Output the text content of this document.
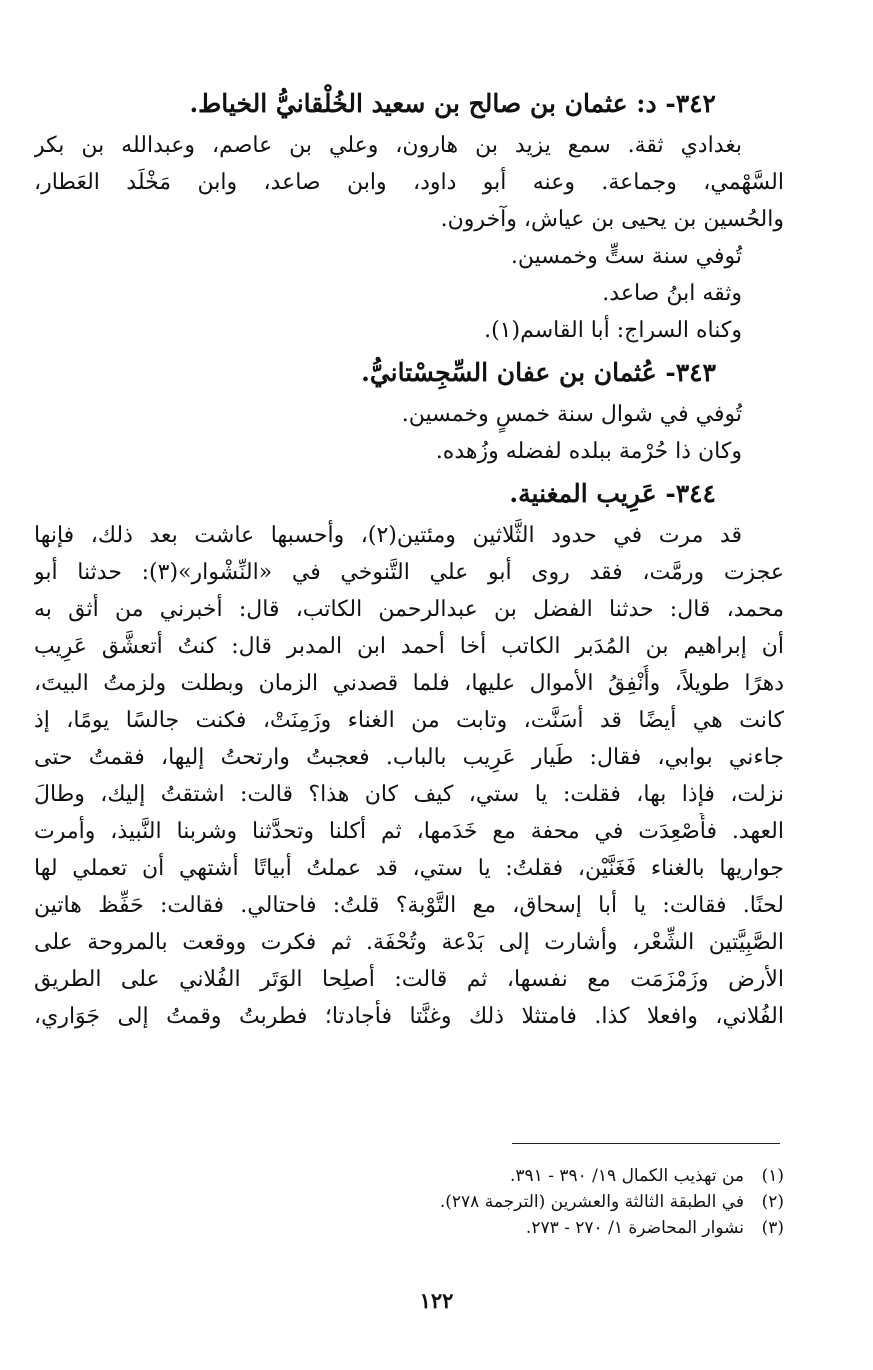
٣٤٢- د: عثمان بن صالح بن سعيد الخُلْقانيُّ الخياط.
بغدادي ثقة. سمع يزيد بن هارون، وعلي بن عاصم، وعبدالله بن بكر
السَّهْمي، وجماعة. وعنه أبو داود، وابن صاعد، وابن مَخْلَد العَطار،
والحُسين بن يحيى بن عياش، وآخرون.
تُوفي سنة ستٍّ وخمسين.
وثقه ابنُ صاعد.
وكناه السراج: أبا القاسم(١).
٣٤٣- عُثمان بن عفان السِّجِسْتانيُّ.
تُوفي في شوال سنة خمسٍ وخمسين.
وكان ذا حُرْمة ببلده لفضله وزُهده.
٣٤٤- عَرِيب المغنية.
قد مرت في حدود الثَّلاثين ومئتين(٢)، وأحسبها عاشت بعد ذلك، فإنها
عجزت ورمَّت، فقد روى أبو علي التَّنوخي في «النِّشْوار»(٣): حدثنا أبو
محمد، قال: حدثنا الفضل بن عبدالرحمن الكاتب، قال: أخبرني من أثق به
أن إبراهيم بن المُدَبر الكاتب أخا أحمد ابن المدبر قال: كنتُ أتعشَّق عَرِيب
دهرًا طويلاً، وأُنْفِقُ الأموال عليها، فلما قصدني الزمان وبطلت ولزمتُ البيتَ،
كانت هي أيضًا قد أسَنَّت، وتابت من الغناء وزَمِنَتْ، فكنت جالسًا يومًا، إذ
جاءني بوابي، فقال: طَيار عَرِيب بالباب. فعجبتُ وارتحتُ إليها، فقمتُ حتى
نزلت، فإذا بها، فقلت: يا ستي، كيف كان هذا؟ قالت: اشتقتُ إليك، وطالَ
العهد. فأُصْعِدَت في محفة مع خَدَمها، ثم أكلنا وتحدَّثنا وشربنا النَّبيذ، وأمرت
جواريها بالغناء فَغَنَّيْن، فقلتُ: يا ستي، قد عملتُ أبياتًا أشتهي أن تعملي لها
لحنًا. فقالت: يا أبا إسحاق، مع التَّوْبة؟ قلتُ: فاحتالي. فقالت: حَفِّظ هاتين
الصَّبِيَّتين الشِّعْر، وأشارت إلى بَدْعة وتُحْفَة. ثم فكرت ووقعت بالمروحة على
الأرض وزَمْزَمَت مع نفسها، ثم قالت: أصلِحا الوَتَر الفُلاني على الطريق
الفُلاني، وافعلا كذا. فامتثلا ذلك وغنَّتا فأجادتا؛ فطربتُ وقمتُ إلى جَوَاري،
(١)من تهذيب الكمال ١٩/ ٣٩٠ - ٣٩١.
(٢)في الطبقة الثالثة والعشرين (الترجمة ٢٧٨).
(٣)نشوار المحاضرة ١/ ٢٧٠ - ٢٧٣.
١٢٢
